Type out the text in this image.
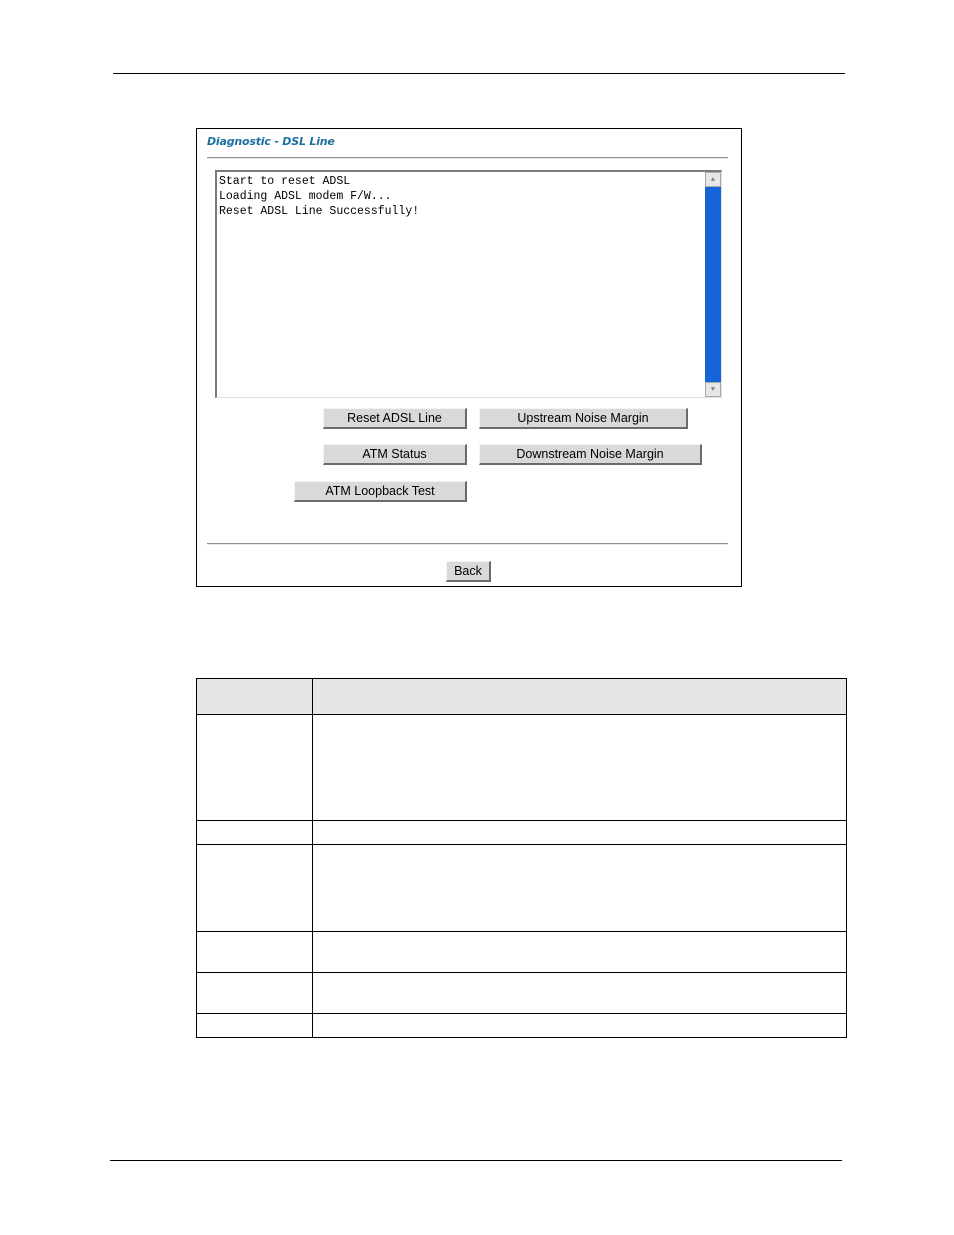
Diagnostic - DSL Line
Start to reset ADSL
Loading ADSL modem F/W...
Reset ADSL Line Successfully!
▲
▼
Reset ADSL Line	Upstream Noise Margin
ATM Status	Downstream Noise Margin
ATM Loopback Test
Back
